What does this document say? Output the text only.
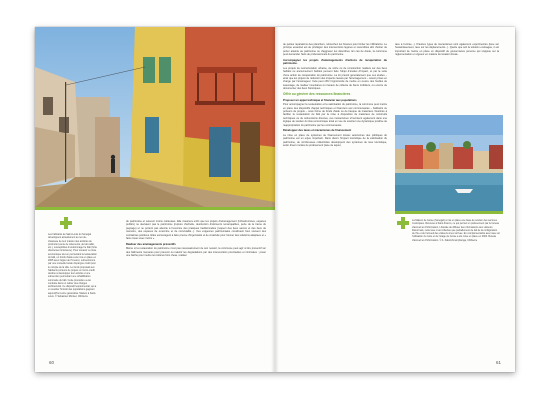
Les habitants de Saint-Louis du Sénégal développent actuellement au rez-de-chaussée de leur maison des activités de proximité (vente de vêtements, de lait caillé, etc.), susceptibles d'endommager le bâti (forte directement intérieure). Pour soutenir ce tissu économique tout en permettant la restauration du bâti, un fonds d'aide a été mis en place en 2005 avec l'appui de l'Unesco, subventionné par une mutuelle locale d'épargne crédit pour le compte de la ville. Le fonds proposait aux habitants porteurs de projets un micro-crédit destiné à développer leur activité et une subvention permettant une réhabilitation sommaire du bâti. Cette procédure a été conduite dans un cahier des charges architectural. Ce dispositif expérimental, qui a vu susciter l'intérêt des populations gagnant aujourd'hui à être généralisé. Maison à Saint-Louis. © Sébastien Moriset, CRAterre

du patrimoine et souvent moins coûteuses. Elle s'avérera enfin que les projets d'aménagement (infrastructures, espaces publics) ne devraient pas le patrimoine (rupture d'échelle, destruction d'éléments remarquables, perte de la trame du paysage) et ne portent pas atteinte à l'exercice des pratiques traditionnelles (respect des lieux sacrés et des lieux de mémoire, des espaces de rencontre et de convivialité...). Ces exigences patrimoniales constituent bien souvent des contraintes positives. Elles encouragent à faire preuve d'ingéniosité et de créativité pour trouver des solutions adaptées et « faire mieux avec moins ».

Réaliser des aménagements préventifs

Même si la restauration du patrimoine n'est pas nécessairement de son ressort, la commune peut agir à titre préventif sur des bâtiments menacés pour prévenir ou ralentir les dégradations par des interventions ponctuelles et minimales : poser une bâche pour mettre les toitures hors d'eau, réaliser

60

de petites réparations des planchers, rebouchez les fissures pour limiter les infiltrations. Le principe essentiel est de privilégier des interventions légères et réversibles afin d'éviter de porter atteinte au patrimoine ou d'aggraver les désordres. En cas de doute, la commune peut demander l'avis de professionnels du patrimoine.

Accompagner les projets d'aménagements d'actions de récupération du patrimoine.

Les projets de restructuration urbaine, de voirie ou de construction réalisés sur des lieux habités ou anciennement habités peuvent faire l'objet d'études d'impact, et par la suite d'une action de récupération du patrimoine. La loi prévoit généralement que ces études – ainsi que les projets de réduction des impacts causés par l'aménagement – soient prises en charge par l'aménageur. Cela peut offrir l'opportunité de mettre en œuvre des fouilles de sauvetage, de réaliser inventaires ou travaux de collecte de biens mobiliers, ou encore de documenter des lieux historiques.

Offrir ou générer des ressources financières
Proposer un appui technique et financier aux populations

Pour accompagner la restauration et la valorisation du patrimoine, la commune peut mettre en place des dispositifs d'appui techniques et financiers aux communautés – habitants ou porteurs de projets – sous forme de fonds d'aide ou de banque de matériaux. Destinés à faciliter la restauration du bâti par la mise à disposition de matériaux de construits techniques ou de subventions directes, ces mécanismes s'inscrivent également dans une logique de soutien du tissu économique local en vue de susciter une dynamique positive de réappropriation du patrimoine par les communautés.

Développer des taxes et mécanismes de financement

La mise en place de systèmes de financement locaux autonomes des politiques du patrimoine est un enjeu important. Dans divers l'impact touristique de la valorisation du patrimoine, de nombreuses collectivités développent des systèmes de taxe touristique, selon divers modes de prélèvement (taxe de séjour,

taxe à l'entrée...). D'autres types de mécanismes sont également expérimentés (taxe sur l'assainissement, taxe sur les déplacements...). Quelle que soit la solution envisagée, il est important de mettre en place un dispositif de gouvernance pérenne qui s'appuie sur la réglementation en vigueur en matière de taxation locale.

La Maison de Gorée (Sénégal) a mis en place une base de soutien des services municipaux. Rénovée à Saint-Franco, ce qui permet un prélèvement par le bureau d'accueil et d'information. L'Escale de diffuser des informations aux visiteurs. Désormais, cette taxe n'est collectée que partiellement de fait de la configuration de l'île et de l'accueil des visiteurs à leur arrivée. En complémentarité avec taxe sur l'utilisation du mole et de l'étage de Gorée a été mise en place en 2004. Bureau d'accueil et d'information. © A. Kaliombmonphanga, CRAterre

61
